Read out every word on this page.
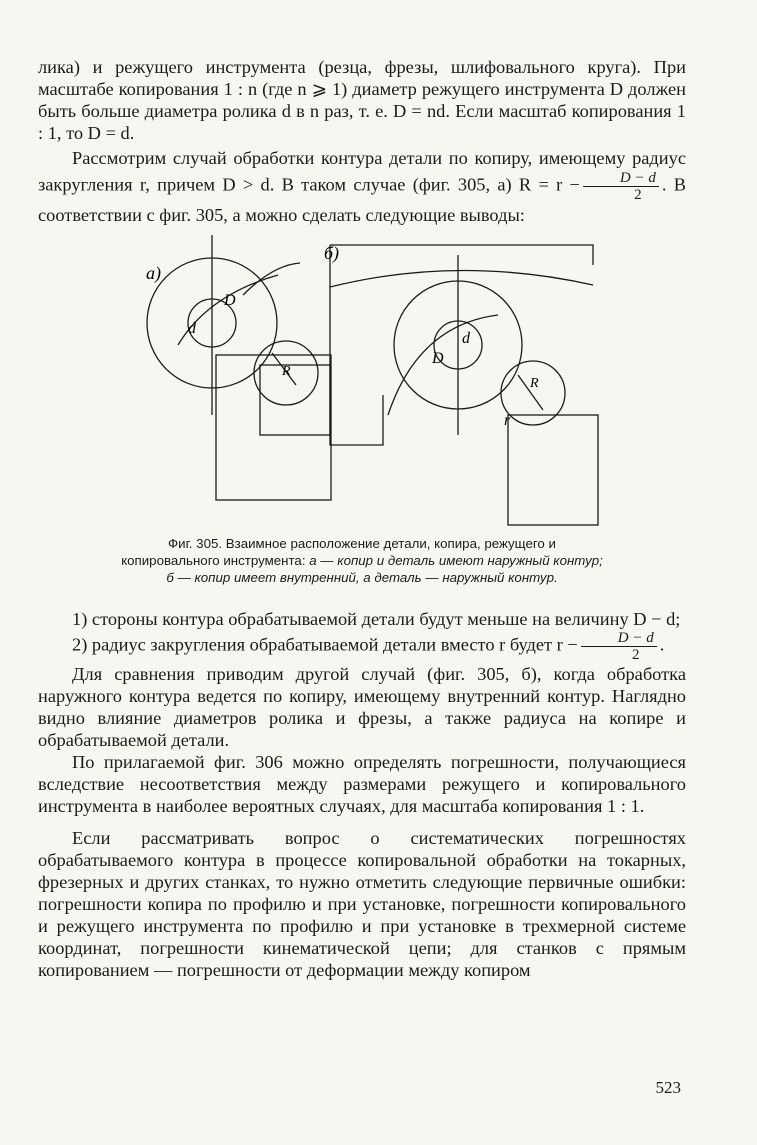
лика) и режущего инструмента (резца, фрезы, шлифовального круга). При масштабе копирования 1 : n (где n ⩾ 1) диаметр режущего инструмента D должен быть больше диаметра ролика d в n раз, т. е. D = nd. Если масштаб копирования 1 : 1, то D = d.

Рассмотрим случай обработки контура детали по копиру, имеющему радиус закругления r, причем D > d. В таком случае (фиг. 305, а) $R = r - \frac{D - d}{2}$ . В соответствии с фиг. 305, а можно сделать следующие выводы:

а)
б)
d
D
R
d
D
r
R
Фиг. 305. Взаимное расположение детали, копира, режущего и копировального инструмента: а — копир и деталь имеют наружный контур; б — копир имеет внутренний, а деталь — наружный контур.

1) стороны контура обрабатываемой детали будут меньше на величину D − d;

2) радиус закругления обрабатываемой детали вместо r будет $r - \frac{D - d}{2}$ .

Для сравнения приводим другой случай (фиг. 305, б), когда обработка наружного контура ведется по копиру, имеющему внутренний контур. Наглядно видно влияние диаметров ролика и фрезы, а также радиуса на копире и обрабатываемой детали.

По прилагаемой фиг. 306 можно определять погрешности, получающиеся вследствие несоответствия между размерами режущего и копировального инструмента в наиболее вероятных случаях, для масштаба копирования 1 : 1.

Если рассматривать вопрос о систематических погрешностях обрабатываемого контура в процессе копировальной обработки на токарных, фрезерных и других станках, то нужно отметить следующие первичные ошибки: погрешности копира по профилю и при установке, погрешности копировального и режущего инструмента по профилю и при установке в трехмерной системе координат, погрешности кинематической цепи; для станков с прямым копированием — погрешности от деформации между копиром

523
